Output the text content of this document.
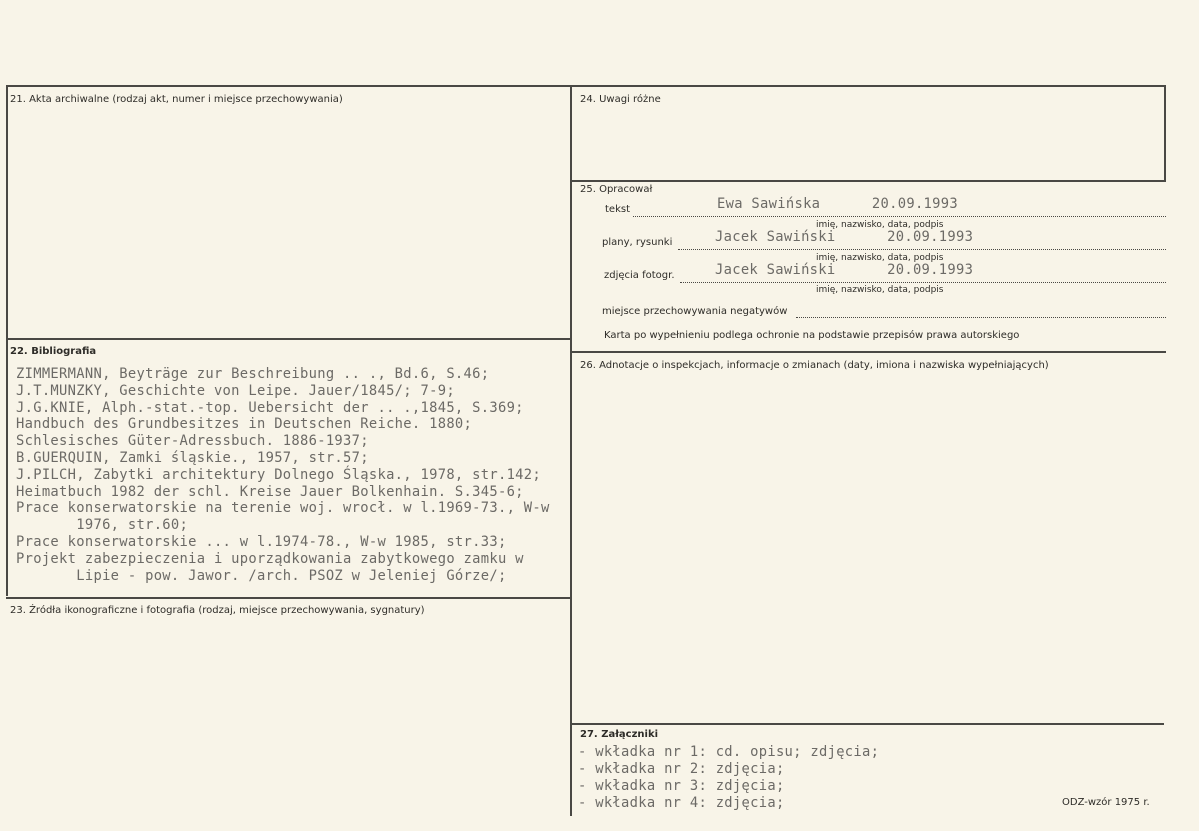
21. Akta archiwalne (rodzaj akt, numer i miejsce przechowywania)
22. Bibliografia
ZIMMERMANN, Beyträge zur Beschreibung .. ., Bd.6, S.46;
J.T.MUNZKY, Geschichte von Leipe. Jauer/1845/; 7-9;
J.G.KNIE, Alph.-stat.-top. Uebersicht der .. .,1845, S.369;
Handbuch des Grundbesitzes in Deutschen Reiche. 1880;
Schlesisches Güter-Adressbuch. 1886-1937;
B.GUERQUIN, Zamki śląskie., 1957, str.57;
J.PILCH, Zabytki architektury Dolnego Śląska., 1978, str.142;
Heimatbuch 1982 der schl. Kreise Jauer Bolkenhain. S.345-6;
Prace konserwatorskie na terenie woj. wrocł. w l.1969-73., W-w
1976, str.60;
Prace konserwatorskie ... w l.1974-78., W-w 1985, str.33;
Projekt zabezpieczenia i uporządkowania zabytkowego zamku w
Lipie - pow. Jawor. /arch. PSOZ w Jeleniej Górze/;
23. Źródła ikonograficzne i fotografia (rodzaj, miejsce przechowywania, sygnatury)
24. Uwagi różne
25. Opracował
tekst	Ewa Sawińska      20.09.1993
imię, nazwisko, data, podpis
plany, rysunki	Jacek Sawiński      20.09.1993
imię, nazwisko, data, podpis
zdjęcia fotogr.	Jacek Sawiński      20.09.1993
imię, nazwisko, data, podpis
miejsce przechowywania negatywów
Karta po wypełnieniu podlega ochronie na podstawie przepisów prawa autorskiego
26. Adnotacje o inspekcjach, informacje o zmianach (daty, imiona i nazwiska wypełniających)
27. Załączniki
- wkładka nr 1: cd. opisu; zdjęcia;
- wkładka nr 2: zdjęcia;
- wkładka nr 3: zdjęcia;
- wkładka nr 4: zdjęcia;	ODZ-wzór 1975 r.
